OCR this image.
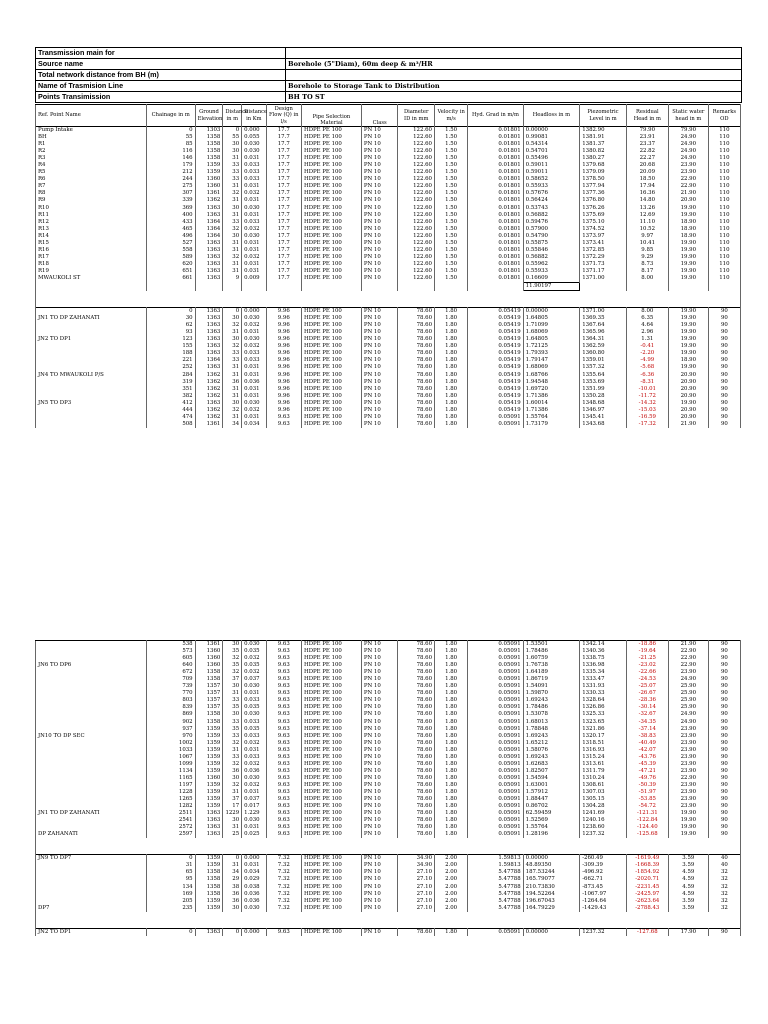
Transmission main for	
Source name	Borehole (5"Diam), 60m deep & m³/HR
Total network distance from BH (m)	
Name of Trasmision Line	Borehole to Storage Tank to Distribution
Points Transimission	BH TO ST
Ref. Point Name	Chainage in m	Ground Elevation	Distance in m	Distance in Km	Design Flow (Q) in l/s	Pipe Selection
Material	Class	Diameter ID in mm	Velocity in m/s	Hyd. Grad in m/m	Headloss in m	Piezometric Level in m	Residual Head in m	Static water head in m	Remarks OD
Pump Intake	0	1303	0	0.000	17.7	HDPE PE 100	PN 10	122.60	1.50	0.01801	0.00000	1382.90	79.90	79.90	110
BH	55	1358	55	0.055	17.7	HDPE PE 100	PN 10	122.60	1.50	0.01801	0.99081	1381.91	23.91	24.90	110
R1	85	1358	30	0.030	17.7	HDPE PE 100	PN 10	122.60	1.50	0.01801	0.54314	1381.37	23.37	24.90	110
R2	116	1358	30	0.030	17.7	HDPE PE 100	PN 10	122.60	1.50	0.01801	0.54701	1380.82	22.82	24.90	110
R3	146	1358	31	0.031	17.7	HDPE PE 100	PN 10	122.60	1.50	0.01801	0.55496	1380.27	22.27	24.90	110
R4	179	1359	33	0.033	17.7	HDPE PE 100	PN 10	122.60	1.50	0.01801	0.59011	1379.68	20.68	23.90	110
R5	212	1359	33	0.033	17.7	HDPE PE 100	PN 10	122.60	1.50	0.01801	0.59011	1379.09	20.09	23.90	110
R6	244	1360	33	0.033	17.7	HDPE PE 100	PN 10	122.60	1.50	0.01801	0.58652	1378.50	18.50	22.90	110
R7	275	1360	31	0.031	17.7	HDPE PE 100	PN 10	122.60	1.50	0.01801	0.55933	1377.94	17.94	22.90	110
R8	307	1361	32	0.032	17.7	HDPE PE 100	PN 10	122.60	1.50	0.01801	0.57676	1377.36	16.36	21.90	110
R9	339	1362	31	0.031	17.7	HDPE PE 100	PN 10	122.60	1.50	0.01801	0.56424	1376.80	14.80	20.90	110
R10	369	1363	30	0.030	17.7	HDPE PE 100	PN 10	122.60	1.50	0.01801	0.53743	1376.26	13.26	19.90	110
R11	400	1363	31	0.031	17.7	HDPE PE 100	PN 10	122.60	1.50	0.01801	0.56882	1375.69	12.69	19.90	110
R12	433	1364	33	0.033	17.7	HDPE PE 100	PN 10	122.60	1.50	0.01801	0.59476	1375.10	11.10	18.90	110
R13	465	1364	32	0.032	17.7	HDPE PE 100	PN 10	122.60	1.50	0.01801	0.57900	1374.52	10.52	18.90	110
R14	496	1364	30	0.030	17.7	HDPE PE 100	PN 10	122.60	1.50	0.01801	0.54790	1373.97	9.97	18.90	110
R15	527	1363	31	0.031	17.7	HDPE PE 100	PN 10	122.60	1.50	0.01801	0.55875	1373.41	10.41	19.90	110
R16	558	1363	31	0.031	17.7	HDPE PE 100	PN 10	122.60	1.50	0.01801	0.55846	1372.85	9.85	19.90	110
R17	589	1363	32	0.032	17.7	HDPE PE 100	PN 10	122.60	1.50	0.01801	0.56882	1372.29	9.29	19.90	110
R18	620	1363	31	0.031	17.7	HDPE PE 100	PN 10	122.60	1.50	0.01801	0.55962	1371.73	8.73	19.90	110
R19	651	1363	31	0.031	17.7	HDPE PE 100	PN 10	122.60	1.50	0.01801	0.55933	1371.17	8.17	19.90	110
MWAUKOLI ST	661	1363	9	0.009	17.7	HDPE PE 100	PN 10	122.60	1.50	0.01801	0.16609	1371.00	8.00	19.90	110
											11.90197				

	0	1363	0	0.000	9.96	HDPE PE 100	PN 10	78.60	1.80	0.05419	0.00000	1371.00	8.00	19.90	90
JN1 TO DP ZAHANATI	30	1363	30	0.030	9.96	HDPE PE 100	PN 10	78.60	1.80	0.05419	1.64805	1369.35	6.35	19.90	90
	62	1363	32	0.032	9.96	HDPE PE 100	PN 10	78.60	1.80	0.05419	1.71099	1367.64	4.64	19.90	90
	93	1363	31	0.031	9.96	HDPE PE 100	PN 10	78.60	1.80	0.05419	1.68069	1365.96	2.96	19.90	90
JN2 TO DP1	123	1363	30	0.030	9.96	HDPE PE 100	PN 10	78.60	1.80	0.05419	1.64805	1364.31	1.31	19.90	90
	155	1363	32	0.032	9.96	HDPE PE 100	PN 10	78.60	1.80	0.05419	1.72125	1362.59	-0.41	19.90	90
	188	1363	33	0.033	9.96	HDPE PE 100	PN 10	78.60	1.80	0.05419	1.79393	1360.80	-2.20	19.90	90
	221	1364	33	0.033	9.96	HDPE PE 100	PN 10	78.60	1.80	0.05419	1.79147	1359.01	-4.99	18.90	90
	252	1363	31	0.031	9.96	HDPE PE 100	PN 10	78.60	1.80	0.05419	1.68069	1357.32	-5.68	19.90	90
JN4 TO MWAUKOLI P/S	284	1362	31	0.031	9.96	HDPE PE 100	PN 10	78.60	1.80	0.05419	1.68766	1355.64	-6.36	20.90	90
	319	1362	36	0.036	9.96	HDPE PE 100	PN 10	78.60	1.80	0.05419	1.94548	1353.69	-8.31	20.90	90
	351	1362	31	0.031	9.96	HDPE PE 100	PN 10	78.60	1.80	0.05419	1.69720	1351.99	-10.01	20.90	90
	382	1362	31	0.031	9.96	HDPE PE 100	PN 10	78.60	1.80	0.05419	1.71386	1350.28	-11.72	20.90	90
JN5 TO DP3	412	1363	30	0.030	9.96	HDPE PE 100	PN 10	78.60	1.80	0.05419	1.60014	1348.68	-14.32	19.90	90
	444	1362	32	0.032	9.96	HDPE PE 100	PN 10	78.60	1.80	0.05419	1.71386	1346.97	-15.03	20.90	90
	474	1362	31	0.031	9.63	HDPE PE 100	PN 10	78.60	1.80	0.05091	1.55764	1345.41	-16.59	20.90	90
	508	1361	34	0.034	9.63	HDPE PE 100	PN 10	78.60	1.80	0.05091	1.73179	1343.68	-17.32	21.90	90
	538	1361	30	0.030	9.63	HDPE PE 100	PN 10	78.60	1.80	0.05091	1.53501	1342.14	-18.86	21.90	90
	573	1360	35	0.035	9.63	HDPE PE 100	PN 10	78.60	1.80	0.05091	1.78486	1340.36	-19.64	22.90	90
	605	1360	32	0.032	9.63	HDPE PE 100	PN 10	78.60	1.80	0.05091	1.60759	1338.75	-21.25	22.90	90
JN6 TO DP6	640	1360	35	0.035	9.63	HDPE PE 100	PN 10	78.60	1.80	0.05091	1.76738	1336.98	-23.02	22.90	90
	672	1358	32	0.032	9.63	HDPE PE 100	PN 10	78.60	1.80	0.05091	1.64189	1335.34	-22.66	23.90	90
	709	1358	37	0.037	9.63	HDPE PE 100	PN 10	78.60	1.80	0.05091	1.86719	1333.47	-24.53	24.90	90
	739	1357	30	0.030	9.63	HDPE PE 100	PN 10	78.60	1.80	0.05091	1.54091	1331.93	-25.07	25.90	90
	770	1357	31	0.031	9.63	HDPE PE 100	PN 10	78.60	1.80	0.05091	1.59870	1330.33	-26.67	25.90	90
	803	1357	33	0.033	9.63	HDPE PE 100	PN 10	78.60	1.80	0.05091	1.69243	1328.64	-28.36	25.90	90
	839	1357	35	0.035	9.63	HDPE PE 100	PN 10	78.60	1.80	0.05091	1.78486	1326.86	-30.14	25.90	90
	869	1358	30	0.030	9.63	HDPE PE 100	PN 10	78.60	1.80	0.05091	1.53078	1325.33	-32.67	24.90	90
	902	1358	33	0.033	9.63	HDPE PE 100	PN 10	78.60	1.80	0.05091	1.68013	1323.65	-34.35	24.90	90
	937	1359	35	0.035	9.63	HDPE PE 100	PN 10	78.60	1.80	0.05091	1.78848	1321.86	-37.14	23.90	90
JN10 TO DP SEC	970	1359	33	0.033	9.63	HDPE PE 100	PN 10	78.60	1.80	0.05091	1.69243	1320.17	-38.83	23.90	90
	1002	1359	32	0.032	9.63	HDPE PE 100	PN 10	78.60	1.80	0.05091	1.65212	1318.51	-40.49	23.90	90
	1033	1359	31	0.031	9.63	HDPE PE 100	PN 10	78.60	1.80	0.05091	1.58076	1316.93	-42.07	23.90	90
	1067	1359	33	0.033	9.63	HDPE PE 100	PN 10	78.60	1.80	0.05091	1.69243	1315.24	-43.76	23.90	90
	1099	1359	32	0.032	9.63	HDPE PE 100	PN 10	78.60	1.80	0.05091	1.62683	1313.61	-45.39	23.90	90
	1134	1359	36	0.036	9.63	HDPE PE 100	PN 10	78.60	1.80	0.05091	1.82507	1311.79	-47.21	23.90	90
	1165	1360	30	0.030	9.63	HDPE PE 100	PN 10	78.60	1.80	0.05091	1.54594	1310.24	-49.76	22.90	90
	1197	1359	32	0.032	9.63	HDPE PE 100	PN 10	78.60	1.80	0.05091	1.63001	1308.61	-50.39	23.90	90
	1228	1359	31	0.031	9.63	HDPE PE 100	PN 10	78.60	1.80	0.05091	1.57912	1307.03	-51.97	23.90	90
	1265	1359	37	0.037	9.63	HDPE PE 100	PN 10	78.60	1.80	0.05091	1.88447	1305.15	-53.85	23.90	90
	1282	1359	17	0.017	9.63	HDPE PE 100	PN 10	78.60	1.80	0.05091	0.86702	1304.28	-54.72	23.90	90
JN1 TO DP ZAHANATI	2511	1363	1229	1.229	9.63	HDPE PE 100	PN 10	78.60	1.80	0.05091	62.59459	1241.69	-121.31	19.90	90
	2541	1363	30	0.030	9.63	HDPE PE 100	PN 10	78.60	1.80	0.05091	1.52569	1240.16	-122.84	19.90	90
	2572	1363	31	0.031	9.63	HDPE PE 100	PN 10	78.60	1.80	0.05091	1.55764	1238.60	-124.40	19.90	90
DP ZAHANATI	2597	1363	25	0.025	9.63	HDPE PE 100	PN 10	78.60	1.80	0.05091	1.28196	1237.32	-125.68	19.90	90

JN9 TO DP7	0	1359	0	0.000	7.32	HDPE PE 100	PN 10	34.90	2.00	1.59813	0.00000	-260.49	-1619.49	3.59	40
	31	1359	31	0.031	7.32	HDPE PE 100	PN 10	34.90	2.00	1.59813	48.89350	-309.39	-1668.39	3.59	40
	65	1358	34	0.034	7.32	HDPE PE 100	PN 10	27.10	2.00	5.47788	187.53244	-496.92	-1854.92	4.59	32
	95	1358	29	0.029	7.32	HDPE PE 100	PN 10	27.10	2.00	5.47788	165.79077	-662.71	-2020.71	4.59	32
	134	1358	38	0.038	7.32	HDPE PE 100	PN 10	27.10	2.00	5.47788	210.73830	-873.45	-2231.45	4.59	32
	169	1358	36	0.036	7.32	HDPE PE 100	PN 10	27.10	2.00	5.47788	194.52264	-1067.97	-2425.97	4.59	32
	205	1359	36	0.036	7.32	HDPE PE 100	PN 10	27.10	2.00	5.47788	196.67043	-1264.64	-2623.64	3.59	32
DP7	235	1359	30	0.030	7.32	HDPE PE 100	PN 10	27.10	2.00	5.47788	164.79229	-1429.43	-2788.43	3.59	32

JN2 TO DP1	0	1363	0	0.000	9.63	HDPE PE 100	PN 10	78.60	1.80	0.05091	0.00000	1237.32	-127.68	17.90	90
